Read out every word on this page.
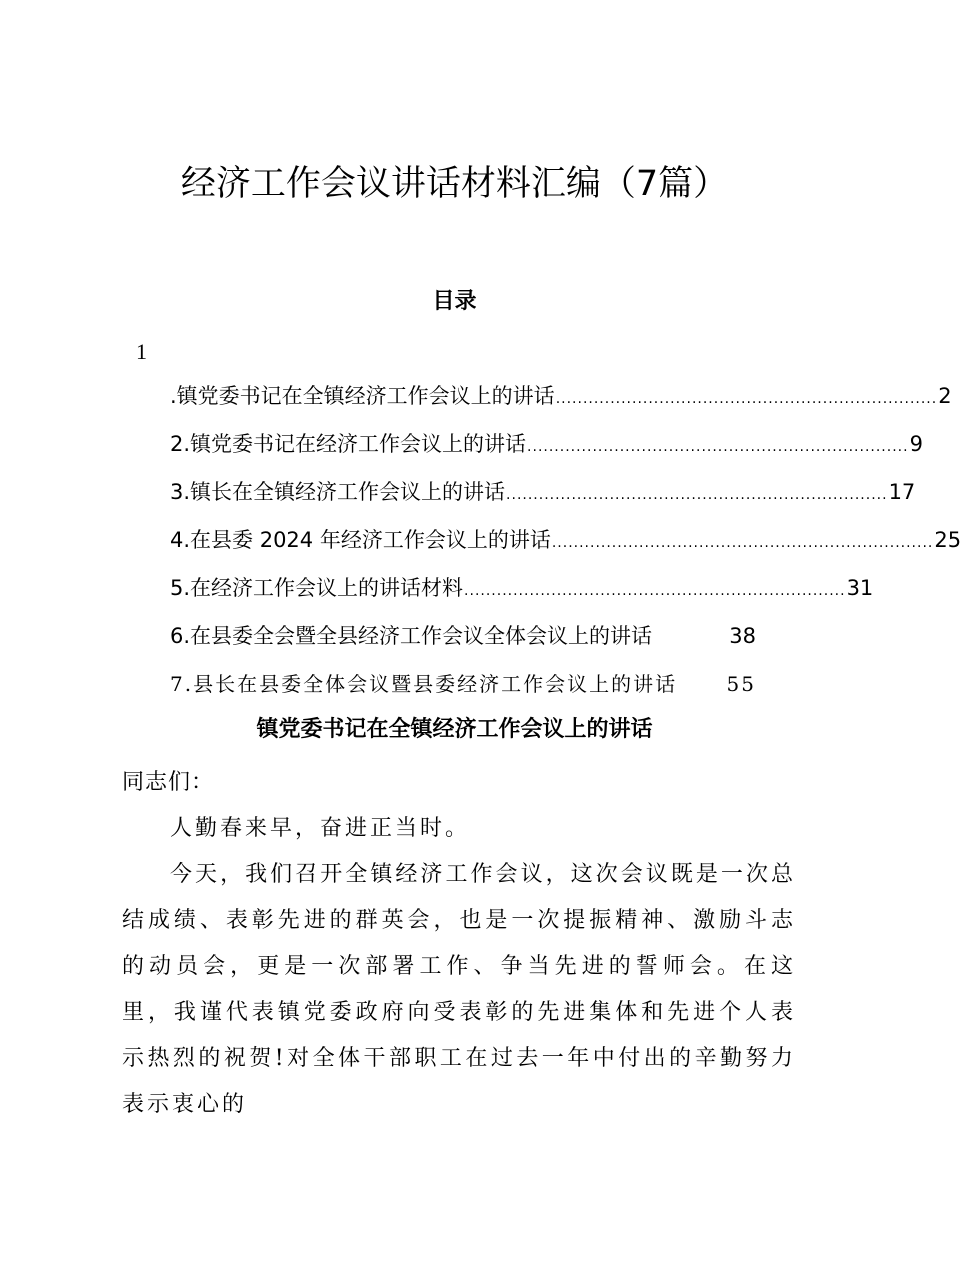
经济工作会议讲话材料汇编（7篇）
目录
1
.镇党委书记在全镇经济工作会议上的讲话 ...................................................................... 2
2.镇党委书记在经济工作会议上的讲话 ...................................................................... 9
3.镇长在全镇经济工作会议上的讲话 ...................................................................... 17
4.在县委 2024 年经济工作会议上的讲话 ...................................................................... 25
5.在经济工作会议上的讲话材料 ...................................................................... 31
6.在县委全会暨全县经济工作会议全体会议上的讲话	38
7.县长在县委全体会议暨县委经济工作会议上的讲话 55
镇党委书记在全镇经济工作会议上的讲话

同志们：

人勤春来早，奋进正当时。

今天，我们召开全镇经济工作会议，这次会议既是一次总结成绩、表彰先进的群英会，也是一次提振精神、激励斗志的动员会，更是一次部署工作、争当先进的誓师会。在这里，我谨代表镇党委政府向受表彰的先进集体和先进个人表示热烈的祝贺!对全体干部职工在过去一年中付出的辛勤努力表示衷心的
